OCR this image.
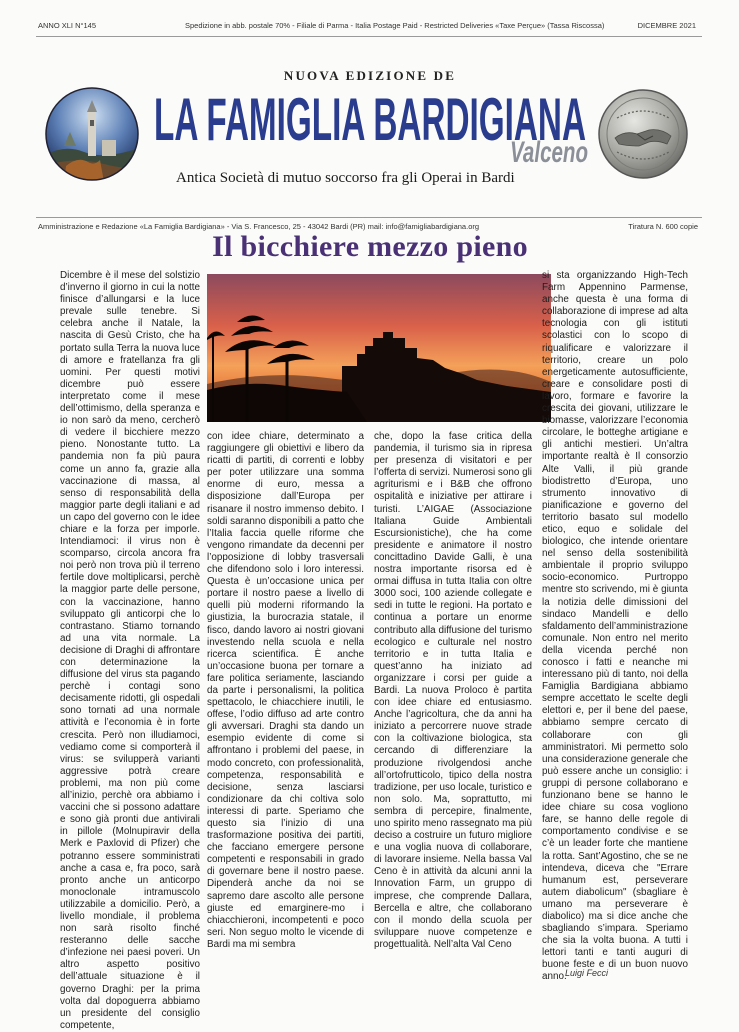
ANNO XLI N°145	Spedizione in abb. postale 70% - Filiale di Parma - Italia Postage Paid - Restricted Deliveries «Taxe Perçue» (Tassa Riscossa)	DICEMBRE 2021
NUOVA EDIZIONE DE
LA FAMIGLIA BARDIGIANA
Valceno
Antica Società di mutuo soccorso fra gli Operai in Bardi
Amministrazione e Redazione «La Famiglia Bardigiana» - Via S. Francesco, 25 - 43042 Bardi (PR) mail: info@famigliabardigiana.org	Tiratura N. 600 copie
Il bicchiere mezzo pieno

Dicembre è il mese del solstizio d’inverno il giorno in cui la notte finisce d’allungarsi e la luce prevale sulle tenebre. Si celebra anche il Natale, la nascita di Gesù Cristo, che ha portato sulla Terra la nuova luce di amore e fratellanza fra gli uomini. Per questi motivi dicembre può essere interpretato come il mese dell’ottimismo, della speranza e io non sarò da meno, cercherò di vedere il bicchiere mezzo pieno. Nonostante tutto. La pandemia non fa più paura come un anno fa, grazie alla vaccinazione di massa, al senso di responsabilità della maggior parte degli italiani e ad un capo del governo con le idee chiare e la forza per imporle. Intendiamoci: il virus non è scomparso, circola ancora fra noi però non trova più il terreno fertile dove moltiplicarsi, perchè la maggior parte delle persone, con la vaccinazione, hanno sviluppato gli anticorpi che lo contrastano. Stiamo tornando ad una vita normale. La decisione di Draghi di affrontare con determinazione la diffusione del virus sta pagando perchè i contagi sono decisamente ridotti, gli ospedali sono tornati ad una normale attività e l’economia è in forte crescita. Però non illudiamoci, vediamo come si comporterà il virus: se svilupperà varianti aggressive potrà creare problemi, ma non più come all’inizio, perchè ora abbiamo i vaccini che si possono adattare e sono già pronti due antivirali in pillole (Molnupiravir della Merk e Paxlovid di Pfizer) che potranno essere somministrati anche a casa e, fra poco, sarà pronto anche un anticorpo monoclonale intramuscolo utilizzabile a domicilio. Però, a livello mondiale, il problema non sarà risolto finché resteranno delle sacche d’infezione nei paesi poveri. Un altro aspetto positivo dell’attuale situazione è il governo Draghi: per la prima volta dal dopoguerra abbiamo un presidente del consiglio competente,

con idee chiare, determinato a raggiungere gli obiettivi e libero da ricatti di partiti, di correnti e lobby per poter utilizzare una somma enorme di euro, messa a disposizione dall’Europa per risanare il nostro immenso debito. I soldi saranno disponibili a patto che l’Italia faccia quelle riforme che vengono rimandate da decenni per l’opposizione di lobby trasversali che difendono solo i loro interessi. Questa è un’occasione unica per portare il nostro paese a livello di quelli più moderni riformando la giustizia, la burocrazia statale, il fisco, dando lavoro ai nostri giovani investendo nella scuola e nella ricerca scientifica. È anche un’occasione buona per tornare a fare politica seriamente, lasciando da parte i personalismi, la politica spettacolo, le chiacchiere inutili, le offese, l’odio diffuso ad arte contro gli avversari. Draghi sta dando un esempio evidente di come si affrontano i problemi del paese, in modo concreto, con professionalità, competenza, responsabilità e decisione, senza lasciarsi condizionare da chi coltiva solo interessi di parte. Speriamo che questo sia l’inizio di una trasformazione positiva dei partiti, che facciano emergere persone competenti e responsabili in grado di governare bene il nostro paese. Dipenderà anche da noi se sapremo dare ascolto alle persone giuste ed emarginere-mo i chiacchieroni, incompetenti e poco seri. Non seguo molto le vicende di Bardi ma mi sembra

che, dopo la fase critica della pandemia, il turismo sia in ripresa per presenza di visitatori e per l’offerta di servizi. Numerosi sono gli agriturismi e i B&B che offrono ospitalità e iniziative per attirare i turisti. L’AIGAE (Associazione Italiana Guide Ambientali Escursionistiche), che ha come presidente e animatore il nostro concittadino Davide Galli, è una nostra importante risorsa ed è ormai diffusa in tutta Italia con oltre 3000 soci, 100 aziende collegate e sedi in tutte le regioni. Ha portato e continua a portare un enorme contributo alla diffusione del turismo ecologico e culturale nel nostro territorio e in tutta Italia e quest’anno ha iniziato ad organizzare i corsi per guide a Bardi. La nuova Proloco è partita con idee chiare ed entusiasmo. Anche l’agricoltura, che da anni ha iniziato a percorrere nuove strade con la coltivazione biologica, sta cercando di differenziare la produzione rivolgendosi anche all’ortofrutticolo, tipico della nostra tradizione, per uso locale, turistico e non solo. Ma, soprattutto, mi sembra di percepire, finalmente, uno spirito meno rassegnato ma più deciso a costruire un futuro migliore e una voglia nuova di collaborare, di lavorare insieme. Nella bassa Val Ceno è in attività da alcuni anni la Innovation Farm, un gruppo di imprese, che comprende Dallara, Bercella e altre, che collaborano con il mondo della scuola per sviluppare nuove competenze e progettualità. Nell’alta Val Ceno

si sta organizzando High-Tech Farm Appennino Parmense, anche questa è una forma di collaborazione di imprese ad alta tecnologia con gli istituti scolastici con lo scopo di riqualificare e valorizzare il territorio, creare un polo energeticamente autosufficiente, creare e consolidare posti di lavoro, formare e favorire la crescita dei giovani, utilizzare le biomasse, valorizzare l’economia circolare, le botteghe artigiane e gli antichi mestieri. Un’altra importante realtà è Il consorzio Alte Valli, il più grande biodistretto d’Europa, uno strumento innovativo di pianificazione e governo del territorio basato sul modello etico, equo e solidale del biologico, che intende orientare nel senso della sostenibilità ambientale il proprio sviluppo socio-economico. Purtroppo mentre sto scrivendo, mi è giunta la notizia delle dimissioni del sindaco Mandelli e dello sfaldamento dell’amministrazione comunale. Non entro nel merito della vicenda perché non conosco i fatti e neanche mi interessano più di tanto, noi della Famiglia Bardigiana abbiamo sempre accettato le scelte degli elettori e, per il bene del paese, abbiamo sempre cercato di collaborare con gli amministratori. Mi permetto solo una considerazione generale che può essere anche un consiglio: i gruppi di persone collaborano e funzionano bene se hanno le idee chiare su cosa vogliono fare, se hanno delle regole di comportamento condivise e se c’è un leader forte che mantiene la rotta. Sant’Agostino, che se ne intendeva, diceva che "Errare humanum est, perseverare autem diabolicum" (sbagliare è umano ma perseverare è diabolico) ma si dice anche che sbagliando s’impara. Speriamo che sia la volta buona. A tutti i lettori tanti e tanti auguri di buone feste e di un buon nuovo anno.

Luigi Fecci
